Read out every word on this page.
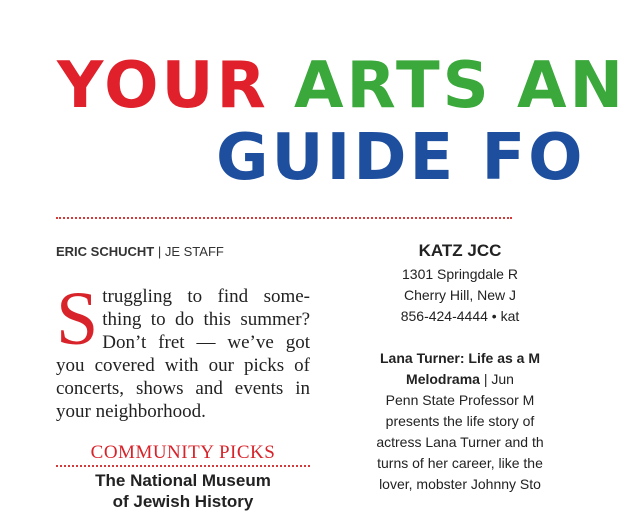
YOUR ARTS AN
GUIDE FO
ERIC SCHUCHT | JE STAFF
Struggling to find some-thing to do this summer? Don’t fret — we’ve got you covered with our picks of concerts, shows and events in your neighborhood.
COMMUNITY PICKS
The National Museum
of Jewish History
KATZ JCC
1301 Springdale R
Cherry Hill, New J
856-424-4444 • kat
Lana Turner: Life as a M
Melodrama | Jun
Penn State Professor M
presents the life story of
actress Lana Turner and th
turns of her career, like the
lover, mobster Johnny Sto
